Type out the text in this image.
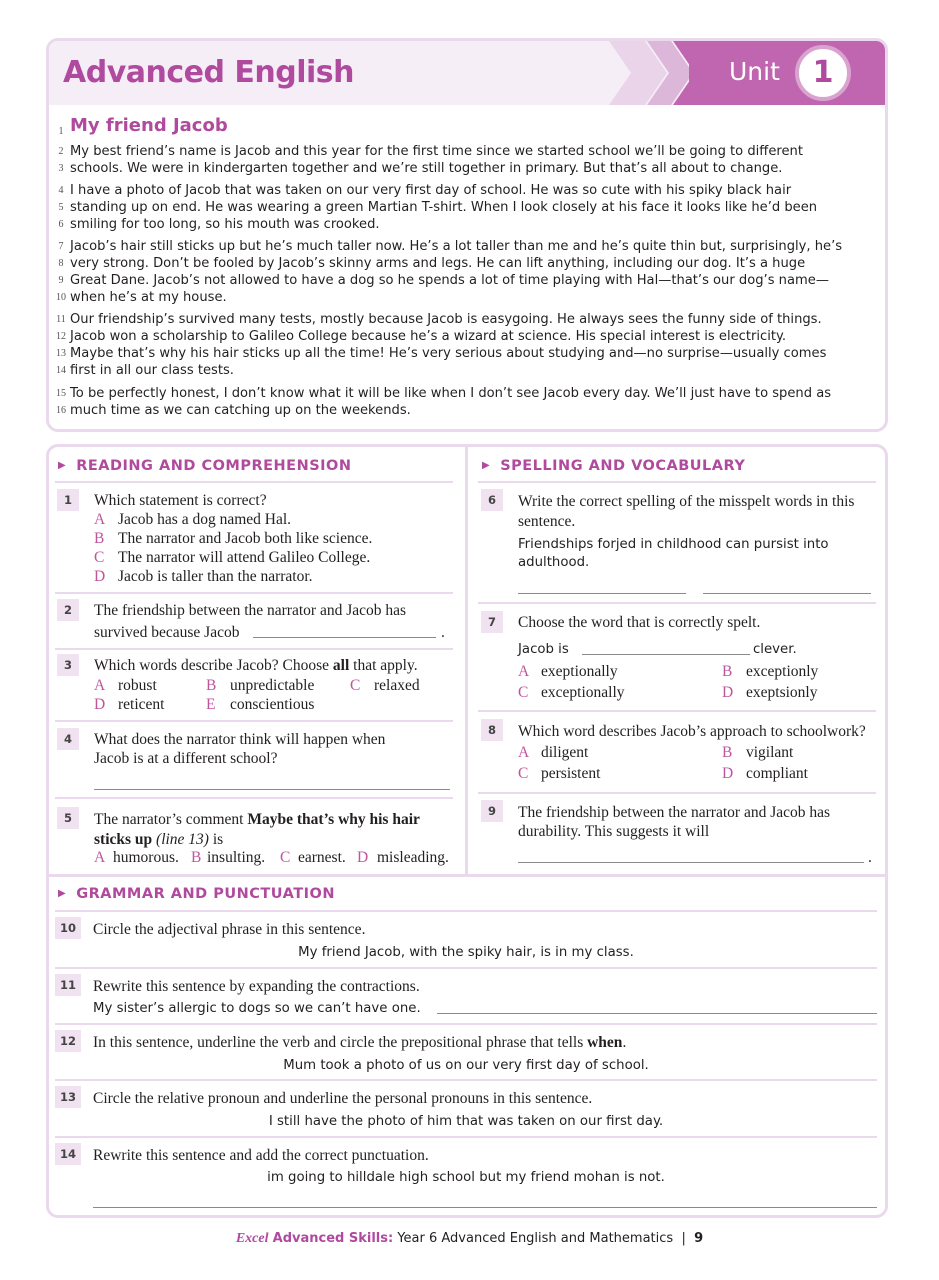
Advanced English	Unit	1
1 My friend Jacob
2 My best friend’s name is Jacob and this year for the first time since we started school we’ll be going to different
3 schools. We were in kindergarten together and we’re still together in primary. But that’s all about to change.
4 I have a photo of Jacob that was taken on our very first day of school. He was so cute with his spiky black hair
5 standing up on end. He was wearing a green Martian T-shirt. When I look closely at his face it looks like he’d been
6 smiling for too long, so his mouth was crooked.
7 Jacob’s hair still sticks up but he’s much taller now. He’s a lot taller than me and he’s quite thin but, surprisingly, he’s
8 very strong. Don’t be fooled by Jacob’s skinny arms and legs. He can lift anything, including our dog. It’s a huge
9 Great Dane. Jacob’s not allowed to have a dog so he spends a lot of time playing with Hal—that’s our dog’s name—
10 when he’s at my house.
11 Our friendship’s survived many tests, mostly because Jacob is easygoing. He always sees the funny side of things.
12 Jacob won a scholarship to Galileo College because he’s a wizard at science. His special interest is electricity.
13 Maybe that’s why his hair sticks up all the time! He’s very serious about studying and—no surprise—usually comes
14 first in all our class tests.
15 To be perfectly honest, I don’t know what it will be like when I don’t see Jacob every day. We’ll just have to spend as
16 much time as we can catching up on the weekends.
▶ READING AND COMPREHENSION
1	Which statement is correct?
A Jacob has a dog named Hal.
B The narrator and Jacob both like science.
C The narrator will attend Galileo College.
D Jacob is taller than the narrator.
2	The friendship between the narrator and Jacob has
survived because Jacob	.
3	Which words describe Jacob? Choose all that apply.
A robust	B unpredictable C relaxed
D reticent	E conscientious
4	What does the narrator think will happen when
Jacob is at a different school?
5	The narrator’s comment Maybe that’s why his hair
sticks up (line 13) is
A humorous. B insulting. C earnest. D misleading.
▶ SPELLING AND VOCABULARY
6	Write the correct spelling of the misspelt words in this
sentence.
Friendships forjed in childhood can pursist into
adulthood.
7	Choose the word that is correctly spelt.
Jacob is	clever.
A exeptionally	B exceptionly
C exceptionally	D exeptsionly
8	Which word describes Jacob’s approach to schoolwork?
A diligent	B vigilant
C persistent	D compliant
9	The friendship between the narrator and Jacob has
durability. This suggests it will
.
▶ GRAMMAR AND PUNCTUATION
10	Circle the adjectival phrase in this sentence.
My friend Jacob, with the spiky hair, is in my class.
11	Rewrite this sentence by expanding the contractions.
My sister’s allergic to dogs so we can’t have one.
12	In this sentence, underline the verb and circle the prepositional phrase that tells when.
Mum took a photo of us on our very first day of school.
13	Circle the relative pronoun and underline the personal pronouns in this sentence.
I still have the photo of him that was taken on our first day.
14	Rewrite this sentence and add the correct punctuation.
im going to hilldale high school but my friend mohan is not.
Excel Advanced Skills: Year 6 Advanced English and Mathematics | 9
